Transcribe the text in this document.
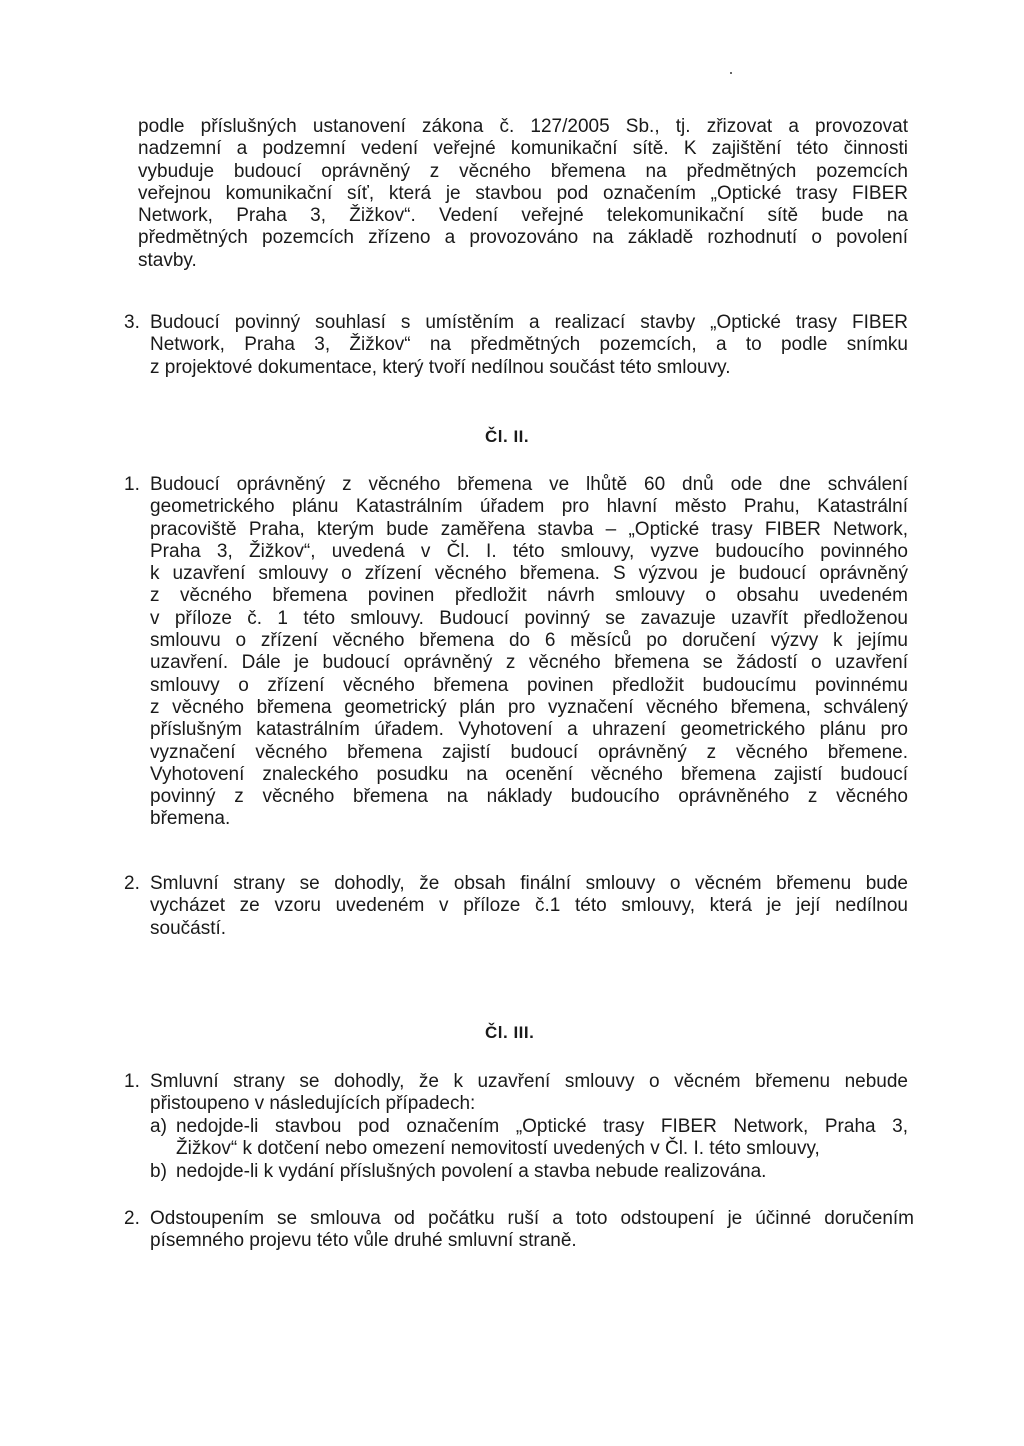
podle příslušných ustanovení zákona č. 127/2005 Sb., tj. zřizovat a provozovat
nadzemní a podzemní vedení veřejné komunikační sítě. K zajištění této činnosti
vybuduje budoucí oprávněný z věcného břemena na předmětných pozemcích
veřejnou komunikační síť, která je stavbou pod označením „Optické trasy FIBER
Network, Praha 3, Žižkov“. Vedení veřejné telekomunikační sítě bude na
předmětných pozemcích zřízeno a provozováno na základě rozhodnutí o povolení
stavby.
3. Budoucí povinný souhlasí s umístěním a realizací stavby „Optické trasy FIBER
Network, Praha 3, Žižkov“ na předmětných pozemcích, a to podle snímku
z projektové dokumentace, který tvoří nedílnou součást této smlouvy.
Čl. II.
1. Budoucí oprávněný z věcného břemena ve lhůtě 60 dnů ode dne schválení
geometrického plánu Katastrálním úřadem pro hlavní město Prahu, Katastrální
pracoviště Praha, kterým bude zaměřena stavba – „Optické trasy FIBER Network,
Praha 3, Žižkov“, uvedená v Čl. I. této smlouvy, vyzve budoucího povinného
k uzavření smlouvy o zřízení věcného břemena. S výzvou je budoucí oprávněný
z věcného břemena povinen předložit návrh smlouvy o obsahu uvedeném
v příloze č. 1 této smlouvy. Budoucí povinný se zavazuje uzavřít předloženou
smlouvu o zřízení věcného břemena do 6 měsíců po doručení výzvy k jejímu
uzavření. Dále je budoucí oprávněný z věcného břemena se žádostí o uzavření
smlouvy o zřízení věcného břemena povinen předložit budoucímu povinnému
z věcného břemena geometrický plán pro vyznačení věcného břemena, schválený
příslušným katastrálním úřadem. Vyhotovení a uhrazení geometrického plánu pro
vyznačení věcného břemena zajistí budoucí oprávněný z věcného břemene.
Vyhotovení znaleckého posudku na ocenění věcného břemena zajistí budoucí
povinný z věcného břemena na náklady budoucího oprávněného z věcného
břemena.
2. Smluvní strany se dohodly, že obsah finální smlouvy o věcném břemenu bude
vycházet ze vzoru uvedeném v příloze č.1 této smlouvy, která je její nedílnou
součástí.
Čl. III.
1. Smluvní strany se dohodly, že k uzavření smlouvy o věcném břemenu nebude
přistoupeno v následujících případech:
a) nedojde-li stavbou pod označením „Optické trasy FIBER Network, Praha 3,
Žižkov“ k dotčení nebo omezení nemovitostí uvedených v Čl. I. této smlouvy,
b) nedojde-li k vydání příslušných povolení a stavba nebude realizována.
2. Odstoupením se smlouva od počátku ruší a toto odstoupení je účinné doručením
písemného projevu této vůle druhé smluvní straně.
